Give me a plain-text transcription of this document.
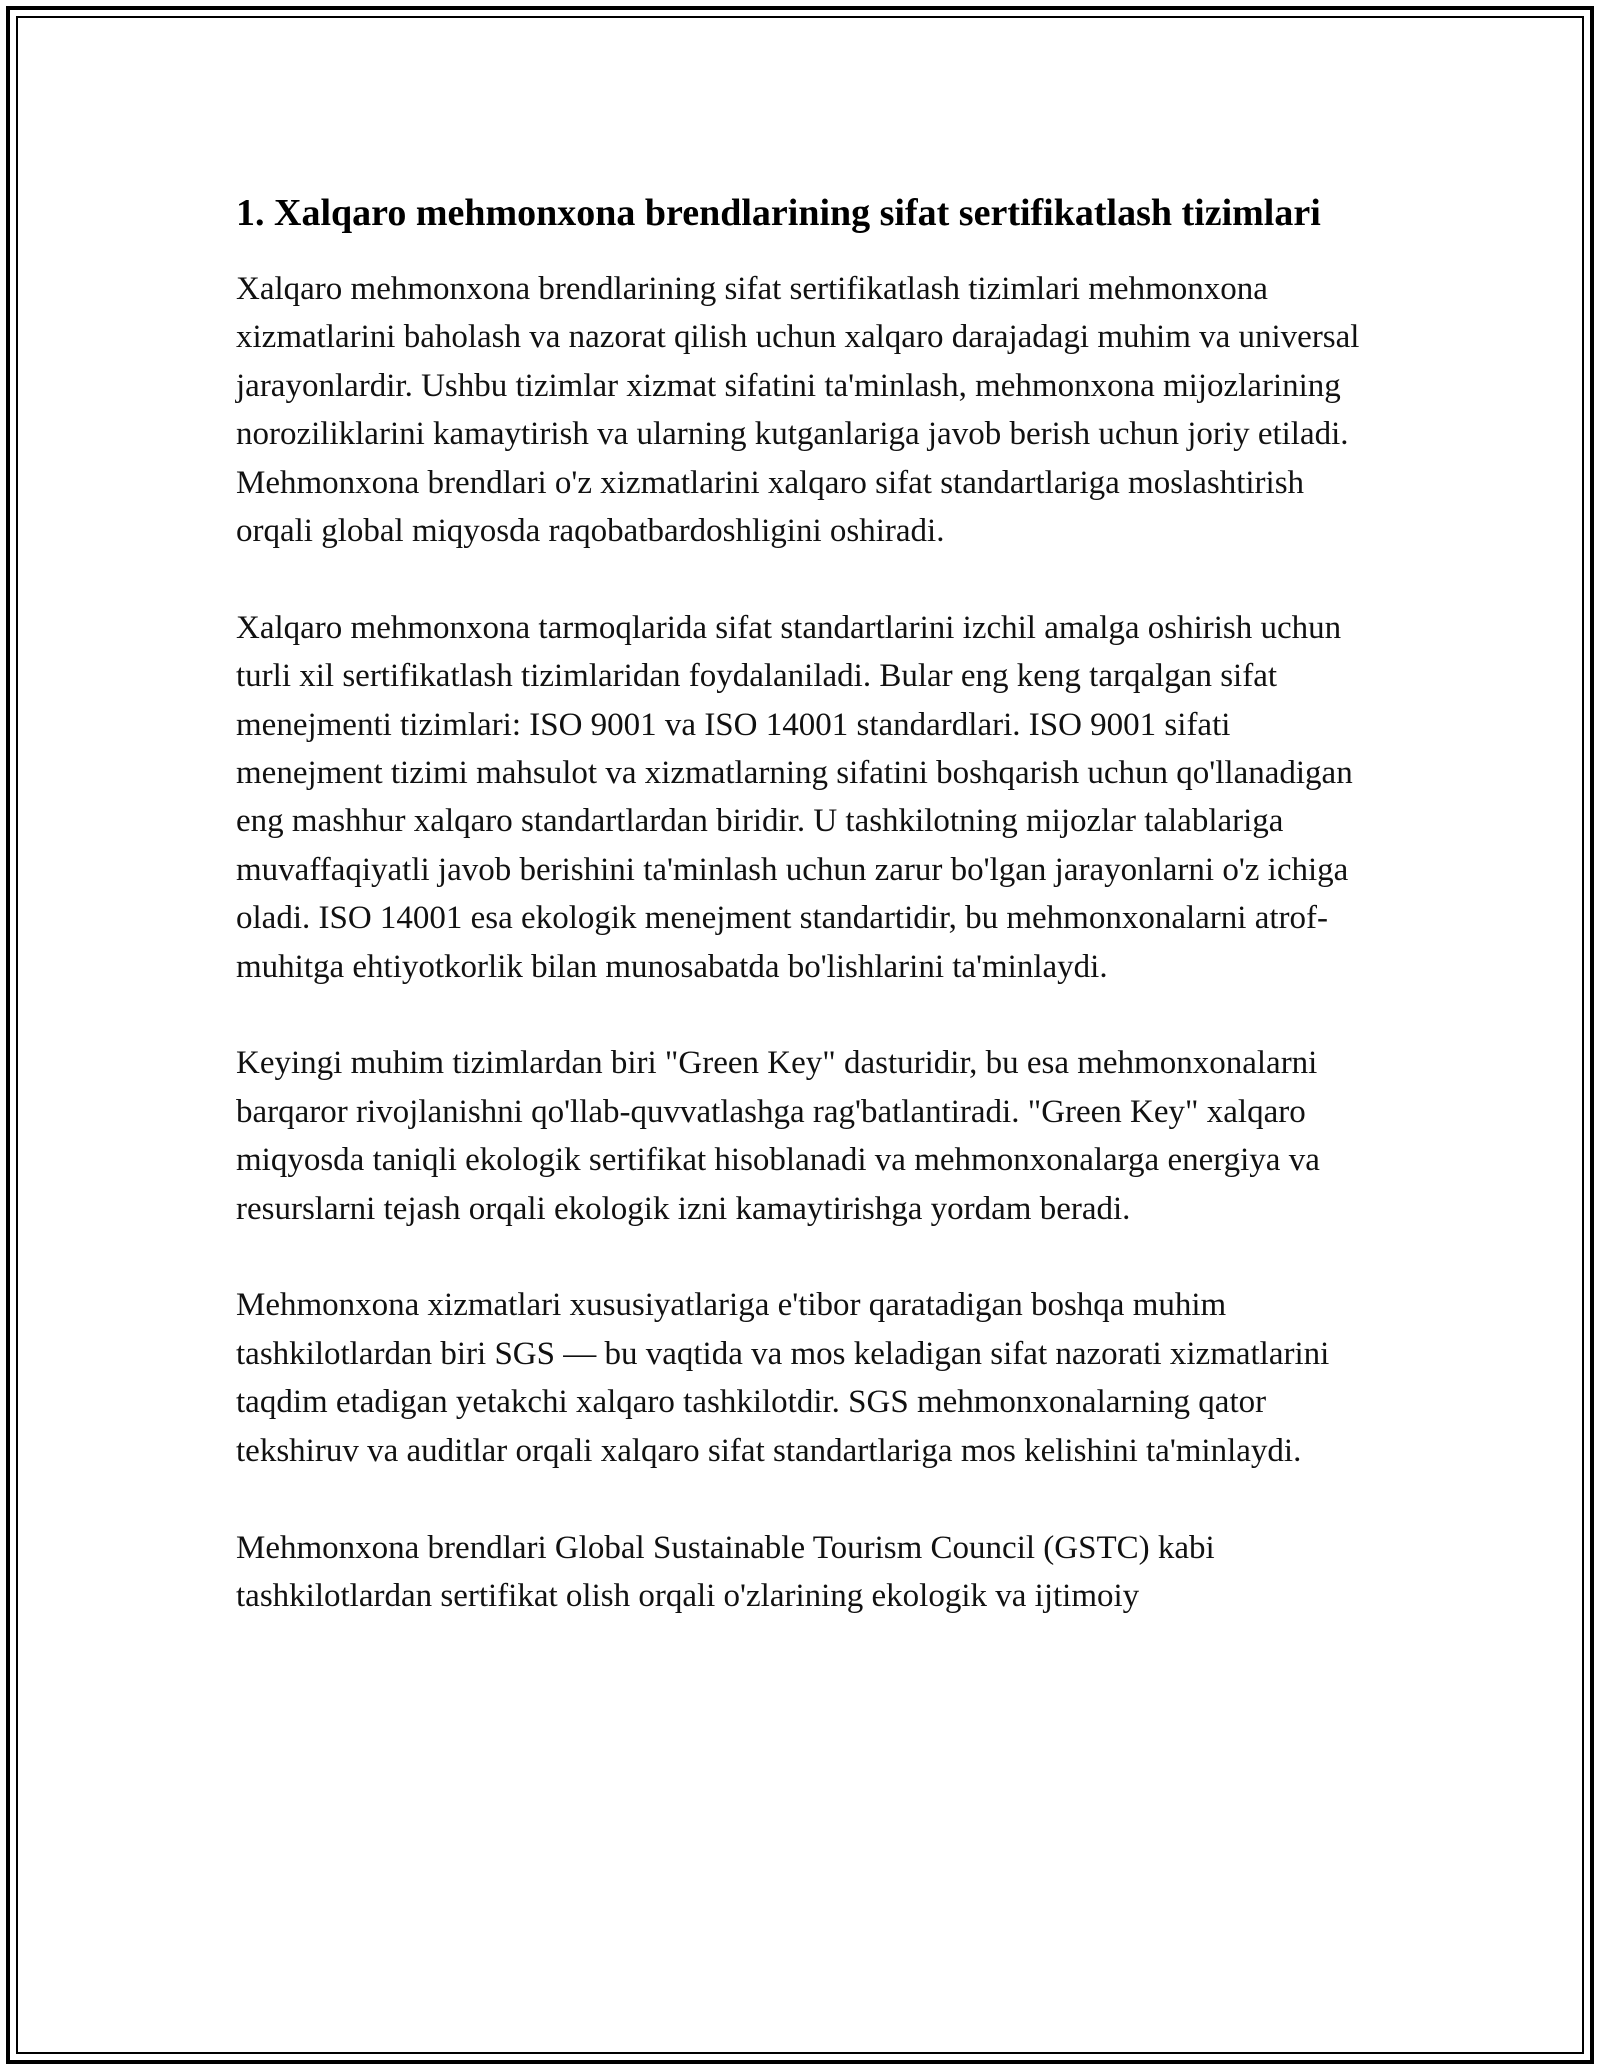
1. Xalqaro mehmonxona brendlarining sifat sertifikatlash tizimlari

Xalqaro mehmonxona brendlarining sifat sertifikatlash tizimlari mehmonxona xizmatlarini baholash va nazorat qilish uchun xalqaro darajadagi muhim va universal jarayonlardir. Ushbu tizimlar xizmat sifatini ta'minlash, mehmonxona mijozlarining noroziliklarini kamaytirish va ularning kutganlariga javob berish uchun joriy etiladi. Mehmonxona brendlari o'z xizmatlarini xalqaro sifat standartlariga moslashtirish orqali global miqyosda raqobatbardoshligini oshiradi.

Xalqaro mehmonxona tarmoqlarida sifat standartlarini izchil amalga oshirish uchun turli xil sertifikatlash tizimlaridan foydalaniladi. Bular eng keng tarqalgan sifat menejmenti tizimlari: ISO 9001 va ISO 14001 standardlari. ISO 9001 sifati menejment tizimi mahsulot va xizmatlarning sifatini boshqarish uchun qo'llanadigan eng mashhur xalqaro standartlardan biridir. U tashkilotning mijozlar talablariga muvaffaqiyatli javob berishini ta'minlash uchun zarur bo'lgan jarayonlarni o'z ichiga oladi. ISO 14001 esa ekologik menejment standartidir, bu mehmonxonalarni atrof-muhitga ehtiyotkorlik bilan munosabatda bo'lishlarini ta'minlaydi.

Keyingi muhim tizimlardan biri "Green Key" dasturidir, bu esa mehmonxonalarni barqaror rivojlanishni qo'llab-quvvatlashga rag'batlantiradi. "Green Key" xalqaro miqyosda taniqli ekologik sertifikat hisoblanadi va mehmonxonalarga energiya va resurslarni tejash orqali ekologik izni kamaytirishga yordam beradi.

Mehmonxona xizmatlari xususiyatlariga e'tibor qaratadigan boshqa muhim tashkilotlardan biri SGS — bu vaqtida va mos keladigan sifat nazorati xizmatlarini taqdim etadigan yetakchi xalqaro tashkilotdir. SGS mehmonxonalarning qator tekshiruv va auditlar orqali xalqaro sifat standartlariga mos kelishini ta'minlaydi.

Mehmonxona brendlari Global Sustainable Tourism Council (GSTC) kabi tashkilotlardan sertifikat olish orqali o'zlarining ekologik va ijtimoiy
